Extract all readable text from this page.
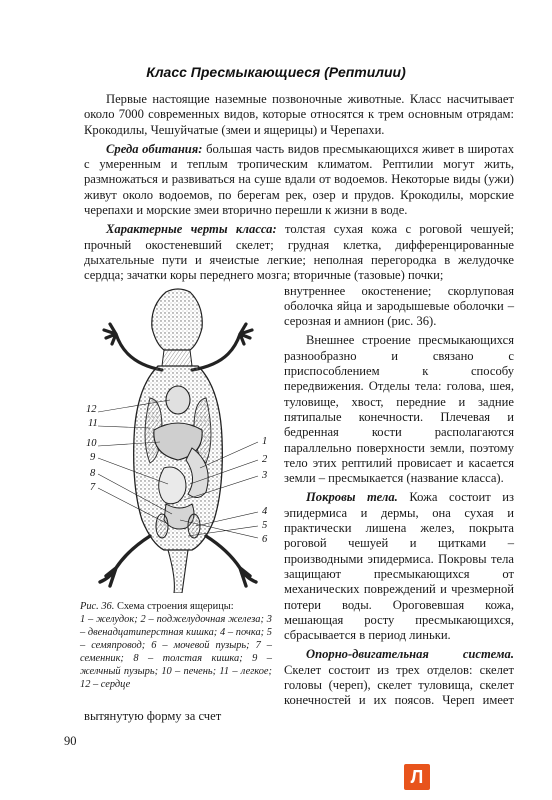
Класс Пресмыкающиеся (Рептилии)

Первые настоящие наземные позвоночные животные. Класс насчитывает около 7000 современных видов, которые относятся к трем основным отрядам: Крокодилы, Чешуйчатые (змеи и ящерицы) и Черепахи.

Среда обитания: большая часть видов пресмыкающихся живет в широтах с умеренным и теплым тропическим климатом. Рептилии могут жить, размножаться и развиваться на суше вдали от водоемов. Некоторые виды (ужи) живут около водоемов, по берегам рек, озер и прудов. Крокодилы, морские черепахи и морские змеи вторично перешли к жизни в воде.

Характерные черты класса: толстая сухая кожа с роговой чешуей; прочный окостеневший скелет; грудная клетка, дифференцированные дыхательные пути и ячеистые легкие; неполная перегородка в желудочке сердца; зачатки коры переднего мозга; вторичные (тазовые) почки;

12
11
10
9
8
7
1
2
3
4
5
6
Рис. 36. Схема строения ящерицы:
1 – желудок; 2 – поджелудочная железа; 3 – двенадцатиперстная кишка; 4 – почка; 5 – семяпровод; 6 – мочевой пузырь; 7 – семенник; 8 – толстая кишка; 9 – желчный пузырь; 10 – печень; 11 – легкое; 12 – сердце

внутреннее окостенение; скорлуповая оболочка яйца и зародышевые оболочки – серозная и амнион (рис. 36).

Внешнее строение пресмыкающихся разнообразно и связано с приспособлением к способу передвижения. Отделы тела: голова, шея, туловище, хвост, передние и задние пятипалые конечности. Плечевая и бедренная кости располагаются параллельно поверхности земли, поэтому тело этих рептилий провисает и касается земли – пресмыкается (название класса).

Покровы тела. Кожа состоит из эпидермиса и дермы, она сухая и практически лишена желез, покрыта роговой чешуей и щитками – производными эпидермиса. Покровы тела защищают пресмыкающихся от механических повреждений и чрезмерной потери воды. Ороговевшая кожа, мешающая росту пресмыкающихся, сбрасывается в период линьки.

Опорно-двигательная система. Скелет состоит из трех отделов: скелет головы (череп), скелет туловища, скелет конечностей и их поясов. Череп имеет вытянутую форму за счет

90
Л
